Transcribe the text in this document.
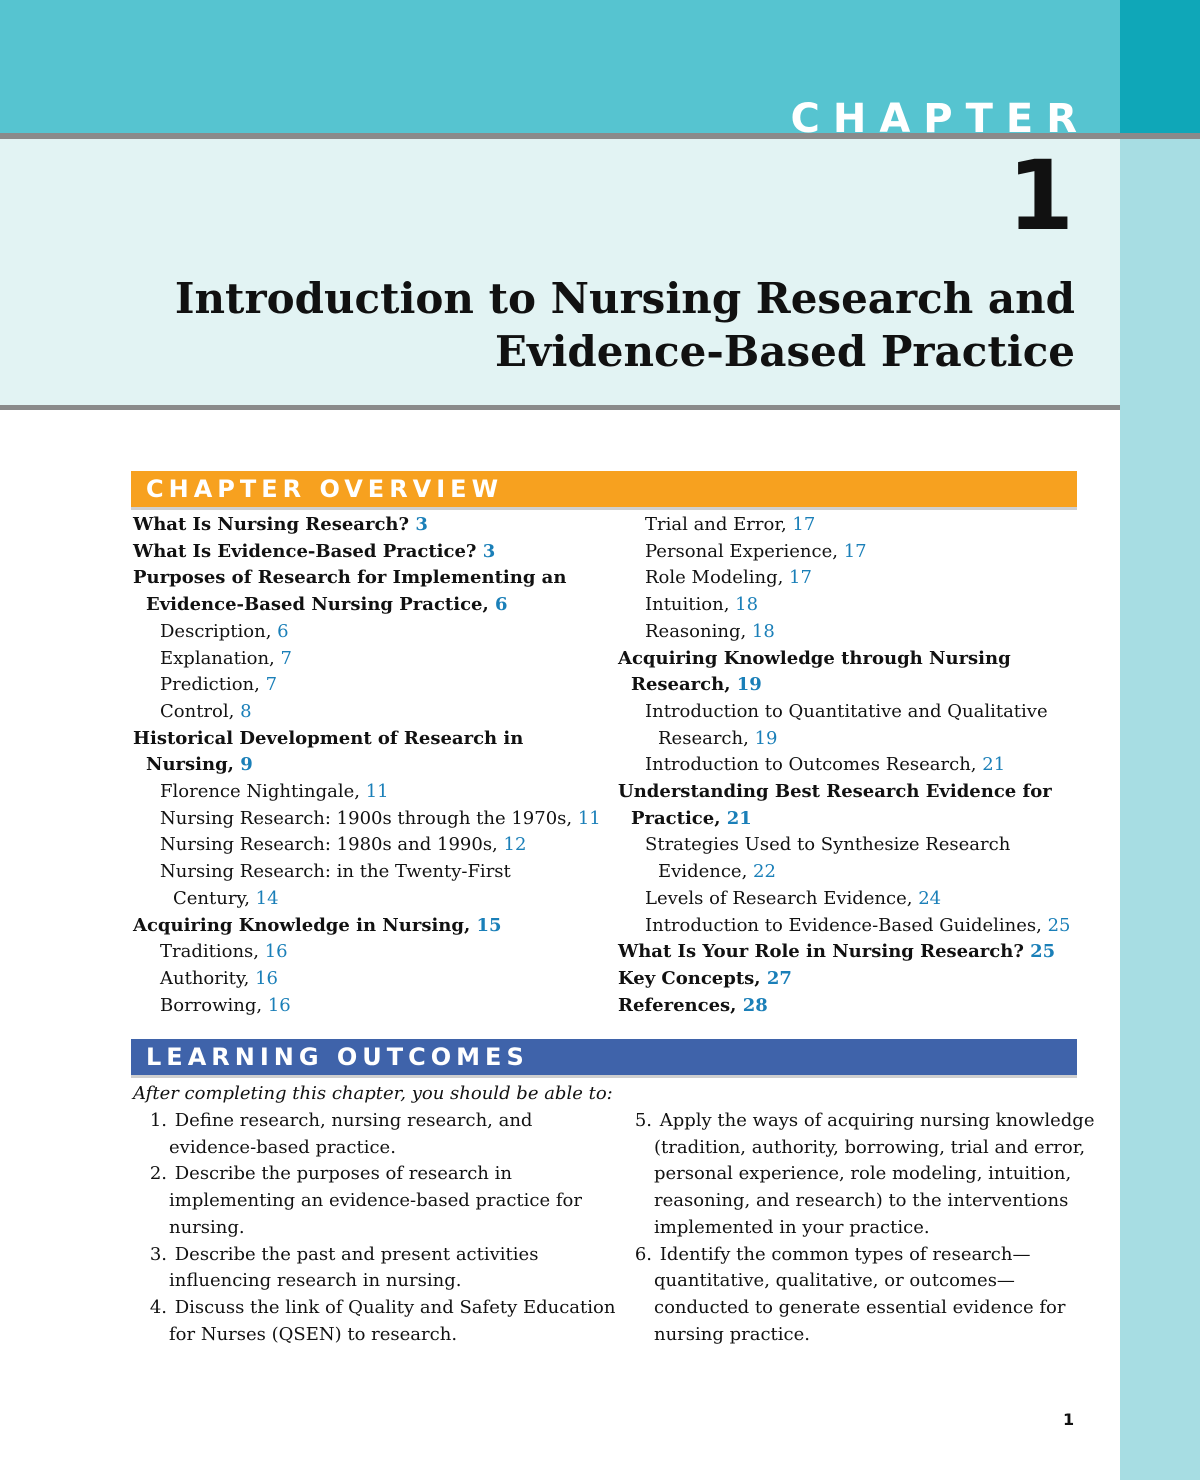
CHAPTER
1
Introduction to Nursing Research and
Evidence-Based Practice
CHAPTER OVERVIEW
What Is Nursing Research? 3
What Is Evidence-Based Practice? 3
Purposes of Research for Implementing an
Evidence-Based Nursing Practice, 6
Description, 6
Explanation, 7
Prediction, 7
Control, 8
Historical Development of Research in
Nursing, 9
Florence Nightingale, 11
Nursing Research: 1900s through the 1970s, 11
Nursing Research: 1980s and 1990s, 12
Nursing Research: in the Twenty-First
Century, 14
Acquiring Knowledge in Nursing, 15
Traditions, 16
Authority, 16
Borrowing, 16
Trial and Error, 17
Personal Experience, 17
Role Modeling, 17
Intuition, 18
Reasoning, 18
Acquiring Knowledge through Nursing
Research, 19
Introduction to Quantitative and Qualitative
Research, 19
Introduction to Outcomes Research, 21
Understanding Best Research Evidence for
Practice, 21
Strategies Used to Synthesize Research
Evidence, 22
Levels of Research Evidence, 24
Introduction to Evidence-Based Guidelines, 25
What Is Your Role in Nursing Research? 25
Key Concepts, 27
References, 28
LEARNING OUTCOMES
After completing this chapter, you should be able to:
1. Define research, nursing research, and
evidence-based practice.
2. Describe the purposes of research in
implementing an evidence-based practice for
nursing.
3. Describe the past and present activities
influencing research in nursing.
4. Discuss the link of Quality and Safety Education
for Nurses (QSEN) to research.
5. Apply the ways of acquiring nursing knowledge
(tradition, authority, borrowing, trial and error,
personal experience, role modeling, intuition,
reasoning, and research) to the interventions
implemented in your practice.
6. Identify the common types of research—
quantitative, qualitative, or outcomes—
conducted to generate essential evidence for
nursing practice.
1
